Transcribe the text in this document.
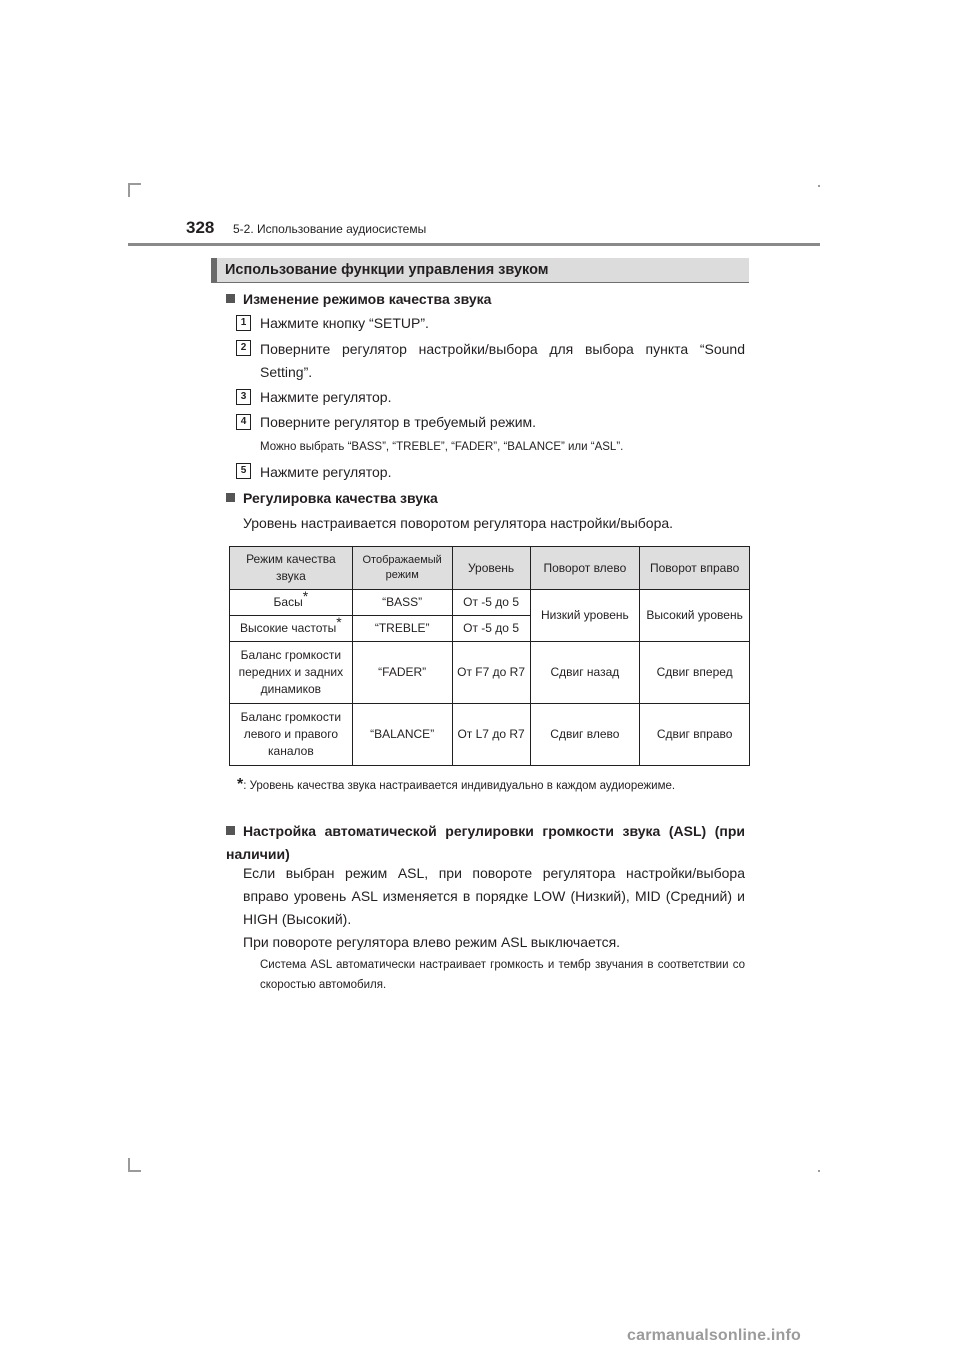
328 5-2. Использование аудиосистемы
Использование функции управления звуком
Изменение режимов качества звука
1 Нажмите кнопку “SETUP”.
2 Поверните регулятор настройки/выбора для выбора пункта “Sound Setting”.
3 Нажмите регулятор.
4 Поверните регулятор в требуемый режим.
Можно выбрать “BASS”, “TREBLE”, “FADER”, “BALANCE” или “ASL”.
5 Нажмите регулятор.
Регулировка качества звука
Уровень настраивается поворотом регулятора настройки/выбора.
Режим качества звука	Отображаемый режим	Уровень	Поворот влево	Поворот вправо
Басы*	“BASS”	От -5 до 5	Низкий уровень	Высокий уровень
Высокие частоты*	“TREBLE”	От -5 до 5		
Баланс громкости передних и задних динамиков	“FADER”	От F7 до R7	Сдвиг назад	Сдвиг вперед
Баланс громкости левого и правого каналов	“BALANCE”	От L7 до R7	Сдвиг влево	Сдвиг вправо
*: Уровень качества звука настраивается индивидуально в каждом аудиорежиме.
Настройка автоматической регулировки громкости звука (ASL) (при наличии)
Если выбран режим ASL, при повороте регулятора настройки/выбора вправо уровень ASL изменяется в порядке LOW (Низкий), MID (Средний) и HIGH (Высокий).
При повороте регулятора влево режим ASL выключается.
Система ASL автоматически настраивает громкость и тембр звучания в соответствии со скоростью автомобиля.
carmanualsonline.info
